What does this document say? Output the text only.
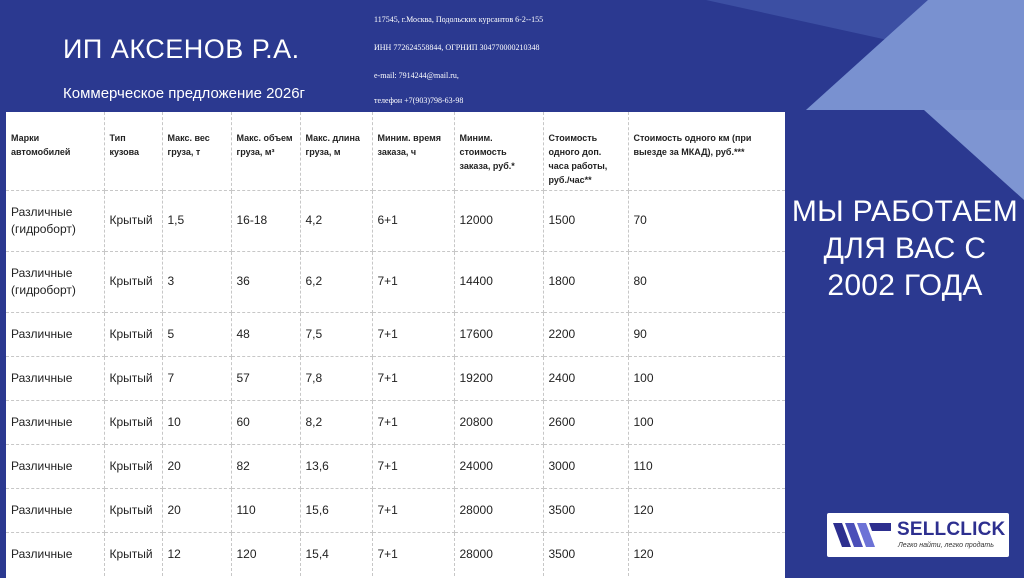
ИП АКСЕНОВ Р.А.
Коммерческое предложение 2026г
117545, г.Москва, Подольских курсантов 6-2--155
ИНН 772624558844, ОГРНИП 304770000210348
e-mail: 7914244@mail.ru,
телефон +7(903)798-63-98
Марки автомобилей	Тип кузова	Макс. вес груза, т	Макс. объем груза, м³	Макс. длина груза, м	Миним. время заказа, ч	Миним. стоимость заказа, руб.*	Стоимость одного доп. часа работы, руб./час**	Стоимость одного км (при выезде за МКАД), руб.***
Различные (гидроборт)	Крытый	1,5	16-18	4,2	6+1	12000	1500	70
Различные (гидроборт)	Крытый	3	36	6,2	7+1	14400	1800	80
Различные	Крытый	5	48	7,5	7+1	17600	2200	90
Различные	Крытый	7	57	7,8	7+1	19200	2400	100
Различные	Крытый	10	60	8,2	7+1	20800	2600	100
Различные	Крытый	20	82	13,6	7+1	24000	3000	110
Различные	Крытый	20	110	15,6	7+1	28000	3500	120
Различные	Крытый	12	120	15,4	7+1	28000	3500	120
МЫ РАБОТАЕМ ДЛЯ ВАС С 2002 ГОДА
SELLCLICK
Легко найти, легко продать
